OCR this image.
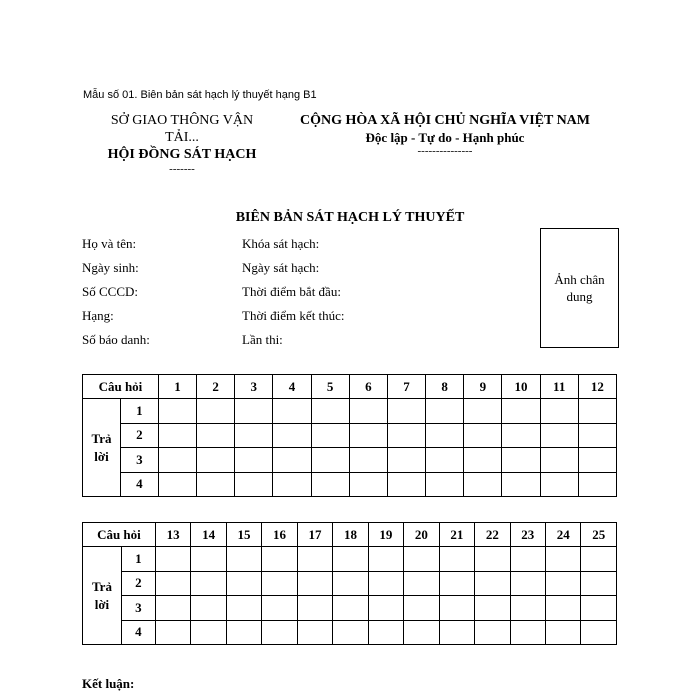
Mẫu số 01. Biên bản sát hạch lý thuyết hạng B1
SỞ GIAO THÔNG VẬN
TẢI...
HỘI ĐỒNG SÁT HẠCH
-------
CỘNG HÒA XÃ HỘI CHỦ NGHĨA VIỆT NAM
Độc lập - Tự do - Hạnh phúc
---------------
BIÊN BẢN SÁT HẠCH LÝ THUYẾT
Họ và tên:
Ngày sinh:
Số CCCD:
Hạng:
Số báo danh:
Khóa sát hạch:
Ngày sát hạch:
Thời điểm bắt đầu:
Thời điểm kết thúc:
Lần thi:
Ảnh chân dung
Câu hỏi		1	2	3	4	5	6	7	8	9	10	11	12

Trả
lời	1												
	2												
	3												
	4												
Câu hỏi		13	14	15	16	17	18	19	20	21	22	23	24	25

Trả
lời	1													
	2													
	3													
	4													
Kết luận:
